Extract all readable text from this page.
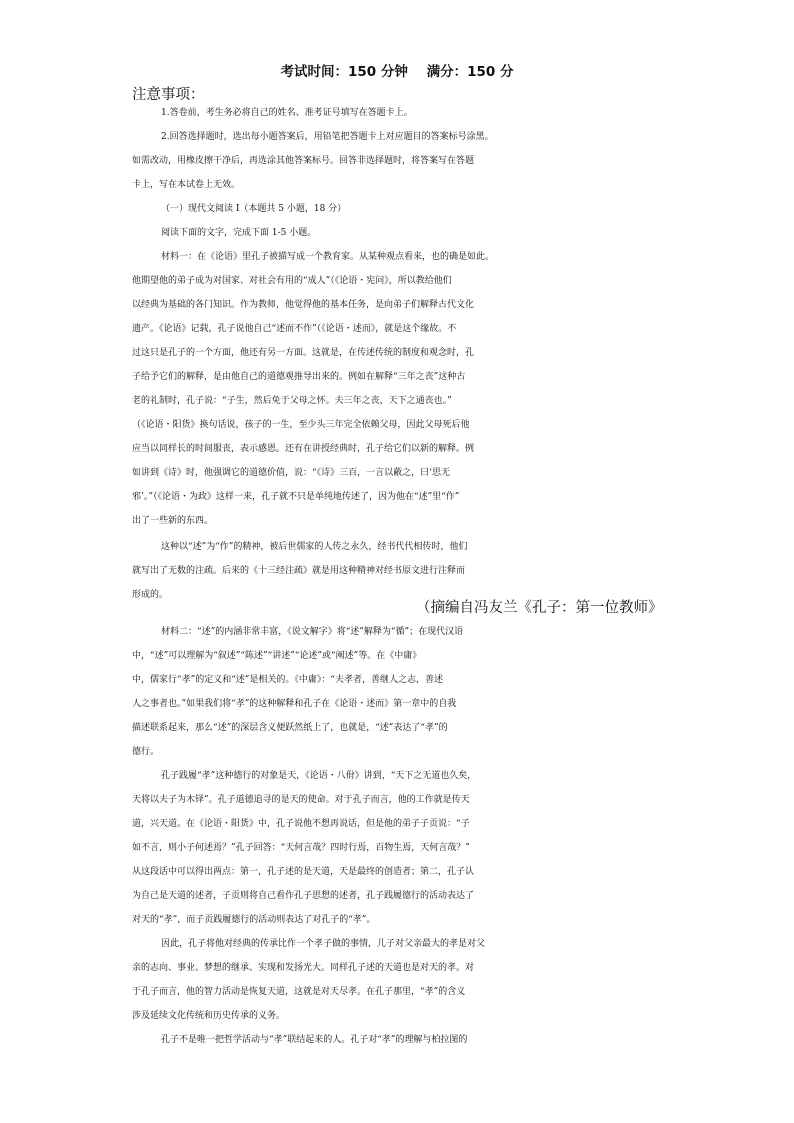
考试时间：150 分钟    满分：150 分
注意事项：
1.答卷前，考生务必将自己的姓名、准考证号填写在答题卡上。
2.回答选择题时，选出每小题答案后，用铅笔把答题卡上对应题目的答案标号涂黑。
如需改动，用橡皮擦干净后，再选涂其他答案标号。回答非选择题时，将答案写在答题
卡上，写在本试卷上无效。
（一）现代文阅读 I（本题共 5 小题，18 分）
阅读下面的文字，完成下面 1-5 小题。
材料一：在《论语》里孔子被描写成一个教育家。从某种观点看来，也的确是如此。
他期望他的弟子成为对国家、对社会有用的“成人”（《论语・宪问》，所以教给他们
以经典为基础的各门知识。作为教师，他觉得他的基本任务，是向弟子们解释古代文化
遗产。《论语》记载，孔子说他自己“述而不作”（《论语・述而》，就是这个缘故。不
过这只是孔子的一个方面，他还有另一方面。这就是，在传述传统的制度和观念时，孔
子给予它们的解释，是由他自己的道德观推导出来的。例如在解释“三年之丧”这种古
老的礼制时，孔子说：“子生，然后免于父母之怀。夫三年之丧，天下之通丧也。”
（《论语・阳货》换句话说，孩子的一生，至少头三年完全依赖父母，因此父母死后他
应当以同样长的时间服丧，表示感恩。还有在讲授经典时，孔子给它们以新的解释。例
如讲到《诗》时，他强调它的道德价值，说：“《诗》三百，一言以蔽之，曰‘思无
邪’。”（《论语・为政》这样一来，孔子就不只是单纯地传述了，因为他在“述”里“作”
出了一些新的东西。
这种以“述”为“作”的精神，被后世儒家的人传之永久，经书代代相传时，他们
就写出了无数的注疏。后来的《十三经注疏》就是用这种精神对经书原文进行注释而
形成的。
（摘编自冯友兰《孔子：第一位教师》
材料二：“述”的内涵非常丰富，《说文解字》将“述”解释为“循”；在现代汉语
中，“述”可以理解为“叙述”“陈述”“讲述”“论述”或“阐述”等。在《中庸》
中，儒家行“孝”的定义和“述”是相关的。《中庸》：“夫孝者，善继人之志，善述
人之事者也。”如果我们将“孝”的这种解释和孔子在《论语・述而》第一章中的自我
描述联系起来，那么“述”的深层含义便跃然纸上了，也就是，“述”表达了“孝”的
德行。
孔子践履“孝”这种德行的对象是天，《论语・八佾》讲到，“天下之无道也久矣，
天将以夫子为木铎”。孔子道德追寻的是天的使命。对于孔子而言，他的工作就是传天
道，兴天道。在《论语・阳货》中，孔子说他不想再说话，但是他的弟子子贡说：“子
如不言，则小子何述焉？”孔子回答：“天何言哉？四时行焉，百物生焉，天何言哉？”
从这段话中可以得出两点：第一，孔子述的是天道，天是最终的创造者；第二，孔子认
为自己是天道的述者，子贡则将自己看作孔子思想的述者，孔子践履德行的活动表达了
对天的“孝”，而子贡践履德行的活动则表达了对孔子的“孝”。
因此，孔子将他对经典的传承比作一个孝子做的事情，儿子对父亲最大的孝是对父
亲的志向、事业、梦想的继承、实现和发扬光大。同样孔子述的天道也是对天的孝。对
于孔子而言，他的智力活动是恢复天道，这就是对天尽孝。在孔子那里，“孝”的含义
涉及延续文化传统和历史传承的义务。
孔子不是唯一把哲学活动与“孝”联结起来的人。孔子对“孝”的理解与柏拉图的
